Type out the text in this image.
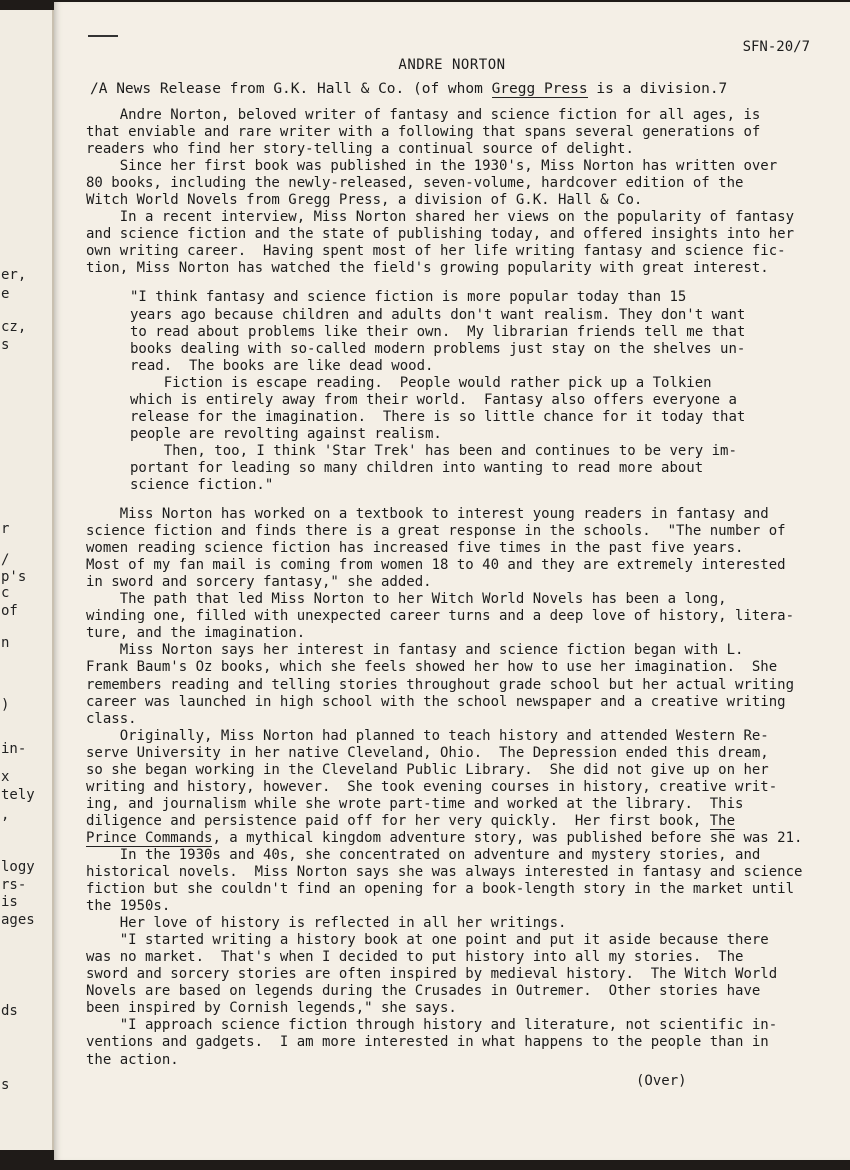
er,
e
cz,
s
r
/
p's
c
of
n
)
in-
x
tely
,
logy
rs-
is
ages
ds
s
SFN-20/7
ANDRE NORTON
/A News Release from G.K. Hall & Co. (of whom Gregg Press is a division.7
Andre Norton, beloved writer of fantasy and science fiction for all ages, is
that enviable and rare writer with a following that spans several generations of
readers who find her story-telling a continual source of delight.
Since her first book was published in the 1930's, Miss Norton has written over
80 books, including the newly-released, seven-volume, hardcover edition of the
Witch World Novels from Gregg Press, a division of G.K. Hall & Co.
In a recent interview, Miss Norton shared her views on the popularity of fantasy
and science fiction and the state of publishing today, and offered insights into her
own writing career.  Having spent most of her life writing fantasy and science fic-
tion, Miss Norton has watched the field's growing popularity with great interest.
"I think fantasy and science fiction is more popular today than 15
years ago because children and adults don't want realism. They don't want
to read about problems like their own.  My librarian friends tell me that
books dealing with so-called modern problems just stay on the shelves un-
read.  The books are like dead wood.
Fiction is escape reading.  People would rather pick up a Tolkien
which is entirely away from their world.  Fantasy also offers everyone a
release for the imagination.  There is so little chance for it today that
people are revolting against realism.
Then, too, I think 'Star Trek' has been and continues to be very im-
portant for leading so many children into wanting to read more about
science fiction."
Miss Norton has worked on a textbook to interest young readers in fantasy and
science fiction and finds there is a great response in the schools.  "The number of
women reading science fiction has increased five times in the past five years.
Most of my fan mail is coming from women 18 to 40 and they are extremely interested
in sword and sorcery fantasy," she added.
The path that led Miss Norton to her Witch World Novels has been a long,
winding one, filled with unexpected career turns and a deep love of history, litera-
ture, and the imagination.
Miss Norton says her interest in fantasy and science fiction began with L.
Frank Baum's Oz books, which she feels showed her how to use her imagination.  She
remembers reading and telling stories throughout grade school but her actual writing
career was launched in high school with the school newspaper and a creative writing
class.
Originally, Miss Norton had planned to teach history and attended Western Re-
serve University in her native Cleveland, Ohio.  The Depression ended this dream,
so she began working in the Cleveland Public Library.  She did not give up on her
writing and history, however.  She took evening courses in history, creative writ-
ing, and journalism while she wrote part-time and worked at the library.  This
diligence and persistence paid off for her very quickly.  Her first book, The
Prince Commands, a mythical kingdom adventure story, was published before she was 21.
In the 1930s and 40s, she concentrated on adventure and mystery stories, and
historical novels.  Miss Norton says she was always interested in fantasy and science
fiction but she couldn't find an opening for a book-length story in the market until
the 1950s.
Her love of history is reflected in all her writings.
"I started writing a history book at one point and put it aside because there
was no market.  That's when I decided to put history into all my stories.  The
sword and sorcery stories are often inspired by medieval history.  The Witch World
Novels are based on legends during the Crusades in Outremer.  Other stories have
been inspired by Cornish legends," she says.
"I approach science fiction through history and literature, not scientific in-
ventions and gadgets.  I am more interested in what happens to the people than in
the action.
(Over)
